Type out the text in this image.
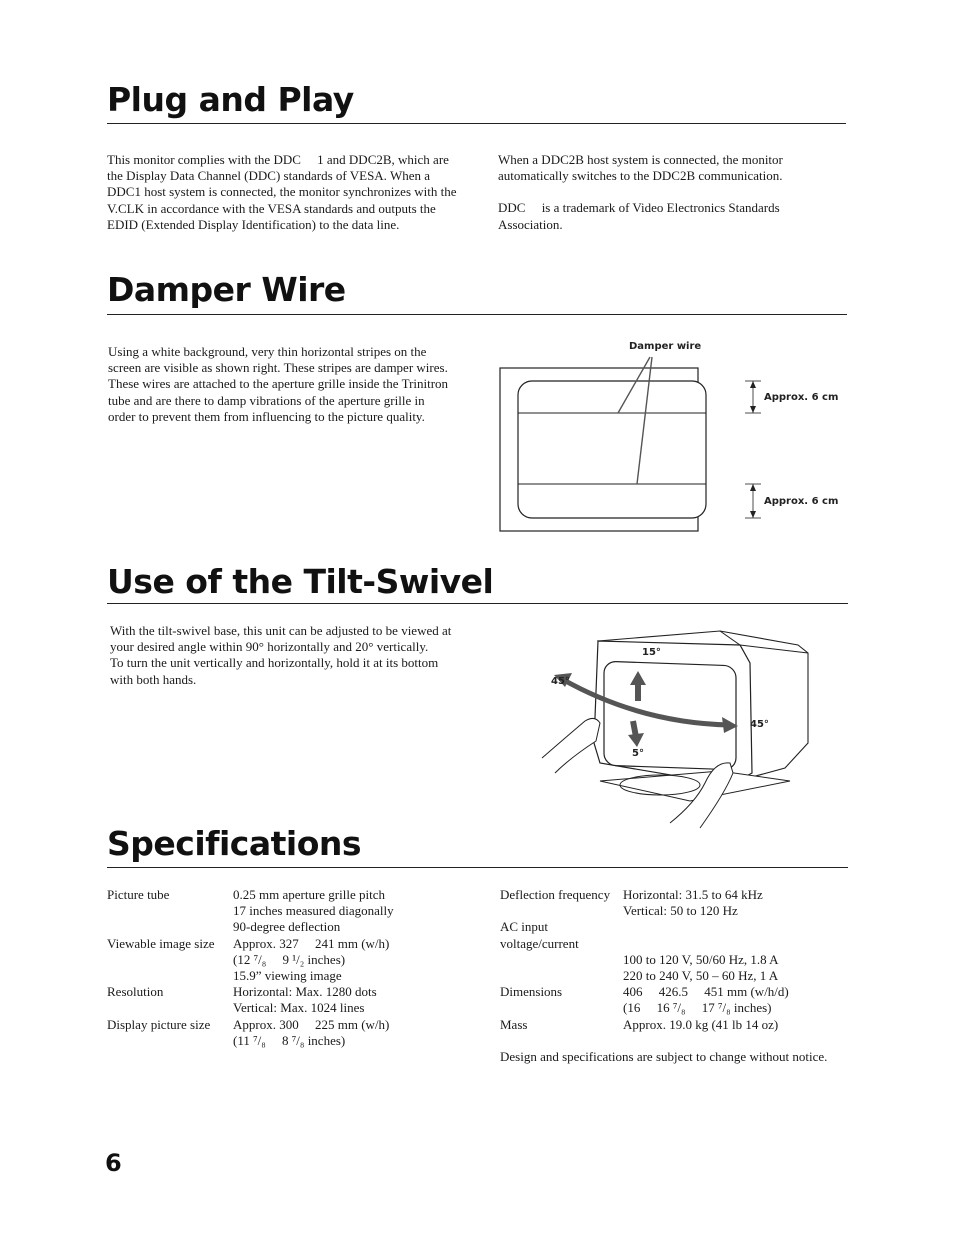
Plug and Play

This monitor complies with the DDC  1 and DDC2B, which are the Display Data Channel (DDC) standards of VESA. When a DDC1 host system is connected, the monitor synchronizes with the V.CLK in accordance with the VESA standards and outputs the EDID (Extended Display Identification) to the data line.

When a DDC2B host system is connected, the monitor automatically switches to the DDC2B communication.

DDC  is a trademark of Video Electronics Standards Association.

Damper Wire

Using a white background, very thin horizontal stripes on the screen are visible as shown right. These stripes are damper wires. These wires are attached to the aperture grille inside the Trinitron tube and are there to damp vibrations of the aperture grille in order to prevent them from influencing to the picture quality.

Damper wire
Approx. 6 cm
Approx. 6 cm
Use of the Tilt-Swivel

With the tilt-swivel base, this unit can be adjusted to be viewed at your desired angle within 90° horizontally and 20° vertically.

To turn the unit vertically and horizontally, hold it at its bottom with both hands.

15°
5°
45°
45°
Specifications
Picture tube	0.25 mm aperture grille pitch
17 inches measured diagonally
90-degree deflection
Viewable image size	Approx. 327  241 mm (w/h)
(12 ⁷/₈  9 ¹/₂ inches)
15.9” viewing image
Resolution	Horizontal: Max. 1280 dots
Vertical: Max. 1024 lines
Display picture size	Approx. 300  225 mm (w/h)
(11 ⁷/₈  8 ⁷/₈ inches)
Deflection frequency Horizontal: 31.5 to 64 kHz
Vertical: 50 to 120 Hz
AC input voltage/current
100 to 120 V, 50/60 Hz, 1.8 A
220 to 240 V, 50 – 60 Hz, 1 A
Dimensions	406  426.5  451 mm (w/h/d)
(16  16 ⁷/₈  17 ⁷/₈ inches)
Mass	Approx. 19.0 kg (41 lb 14 oz)

Design and specifications are subject to change without notice.

6
